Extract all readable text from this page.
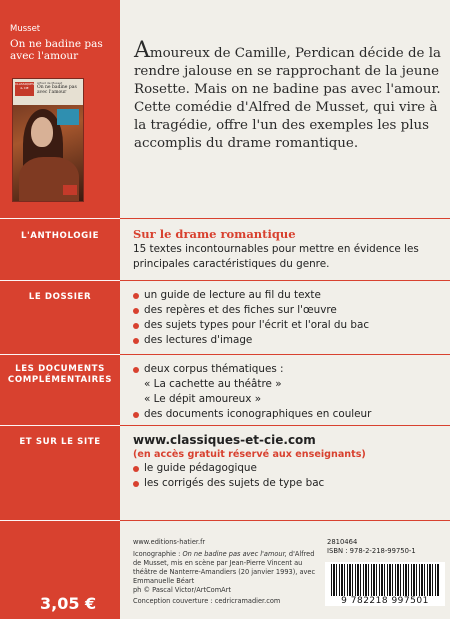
Musset
On ne badine pas avec l'amour
CLASSIQUES & CIE
Alfred de Musset
On ne badine pas avec l'amour
Amoureux de Camille, Perdican décide de la rendre jalouse en se rapprochant de la jeune Rosette. Mais on ne badine pas avec l'amour. Cette comédie d'Alfred de Musset, qui vire à la tragédie, offre l'un des exemples les plus accomplis du drame romantique.
L'ANTHOLOGIE	Sur le drame romantique
15 textes incontournables pour mettre en évidence les principales caractéristiques du genre.
LE DOSSIER	un guide de lecture au fil du texte
des repères et des fiches sur l'œuvre
des sujets types pour l'écrit et l'oral du bac
des lectures d'image
LES DOCUMENTS COMPLÉMENTAIRES
deux corpus thématiques :
« La cachette au théâtre »
« Le dépit amoureux »
des documents iconographiques en couleur
ET SUR LE SITE	www.classiques-et-cie.com
(en accès gratuit réservé aux enseignants)
le guide pédagogique
les corrigés des sujets de type bac
3,05 €
www.editions-hatier.fr
Iconographie : On ne badine pas avec l'amour, d'Alfred de Musset, mis en scène par Jean-Pierre Vincent au théâtre de Nanterre-Amandiers (20 janvier 1993), avec Emmanuelle Béart
ph © Pascal Victor/ArtComArt
Conception couverture : cedricramadier.com
2810464
ISBN : 978-2-218-99750-1
9 782218 997501
